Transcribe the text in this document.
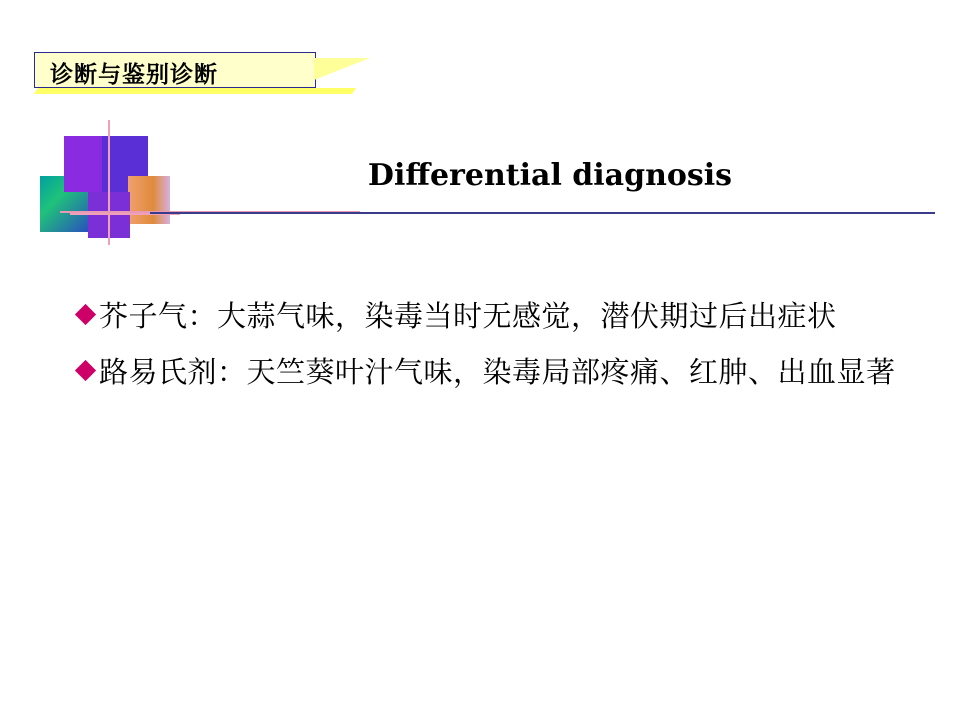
诊断与鉴别诊断
Differential diagnosis
芥子气：大蒜气味，染毒当时无感觉，潜伏期过后出症状
路易氏剂：天竺葵叶汁气味，染毒局部疼痛、红肿、出血显著
